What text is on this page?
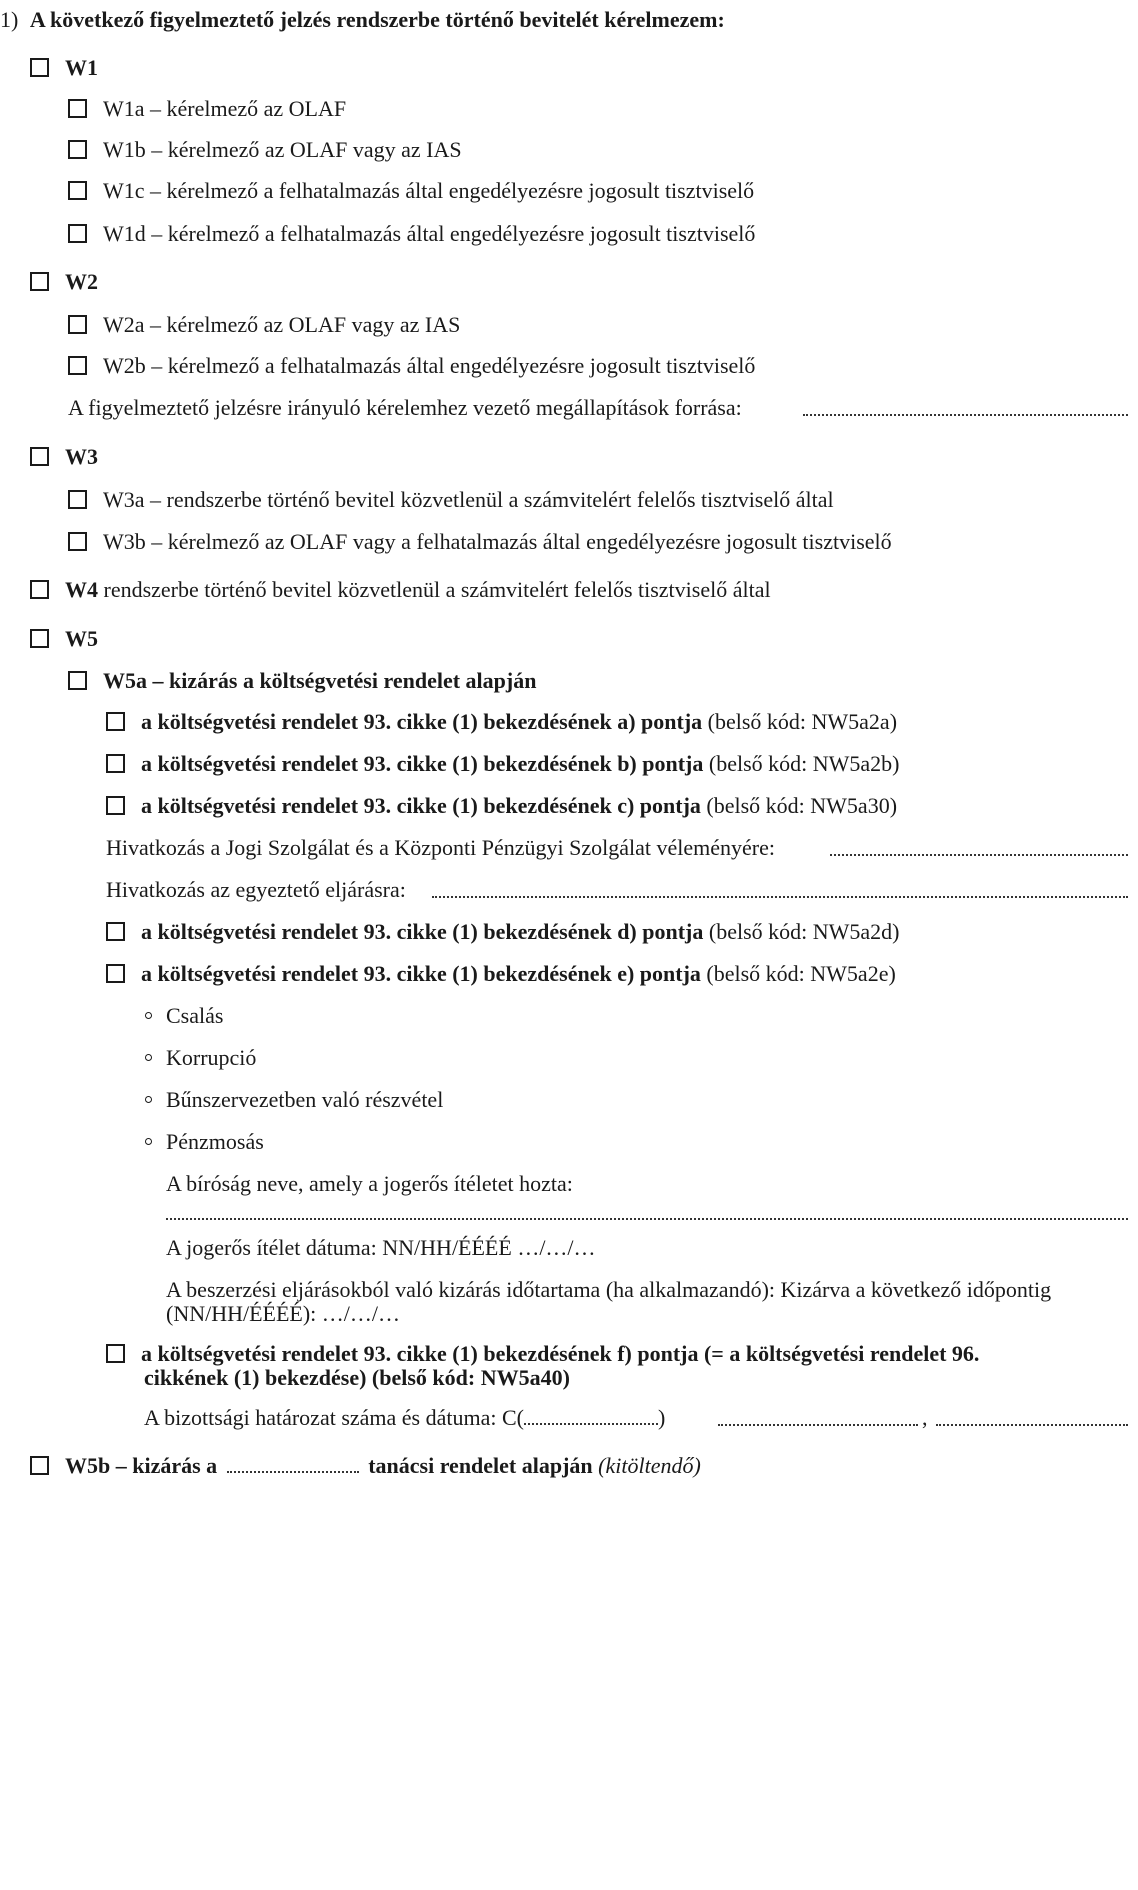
1) A következő figyelmeztető jelzés rendszerbe történő bevitelét kérelmezem:
W1
W1a – kérelmező az OLAF
W1b – kérelmező az OLAF vagy az IAS
W1c – kérelmező a felhatalmazás által engedélyezésre jogosult tisztviselő
W1d – kérelmező a felhatalmazás által engedélyezésre jogosult tisztviselő
W2
W2a – kérelmező az OLAF vagy az IAS
W2b – kérelmező a felhatalmazás által engedélyezésre jogosult tisztviselő
A figyelmeztető jelzésre irányuló kérelemhez vezető megállapítások forrása:
W3
W3a – rendszerbe történő bevitel közvetlenül a számvitelért felelős tisztviselő által
W3b – kérelmező az OLAF vagy a felhatalmazás által engedélyezésre jogosult tisztviselő
W4 rendszerbe történő bevitel közvetlenül a számvitelért felelős tisztviselő által
W5
W5a – kizárás a költségvetési rendelet alapján
a költségvetési rendelet 93. cikke (1) bekezdésének a) pontja (belső kód: NW5a2a)
a költségvetési rendelet 93. cikke (1) bekezdésének b) pontja (belső kód: NW5a2b)
a költségvetési rendelet 93. cikke (1) bekezdésének c) pontja (belső kód: NW5a30)
Hivatkozás a Jogi Szolgálat és a Központi Pénzügyi Szolgálat véleményére:
Hivatkozás az egyeztető eljárásra:
a költségvetési rendelet 93. cikke (1) bekezdésének d) pontja (belső kód: NW5a2d)
a költségvetési rendelet 93. cikke (1) bekezdésének e) pontja (belső kód: NW5a2e)
Csalás
Korrupció
Bűnszervezetben való részvétel
Pénzmosás
A bíróság neve, amely a jogerős ítéletet hozta:
A jogerős ítélet dátuma: NN/HH/ÉÉÉÉ …/…/…
A beszerzési eljárásokból való kizárás időtartama (ha alkalmazandó): Kizárva a következő időpontig
(NN/HH/ÉÉÉÉ): …/…/…
a költségvetési rendelet 93. cikke (1) bekezdésének f) pontja (= a költségvetési rendelet 96.
cikkének (1) bekezdése) (belső kód: NW5a40)
A bizottsági határozat száma és dátuma: C(	)	,
W5b – kizárás a	tanácsi rendelet alapján (kitöltendő)
